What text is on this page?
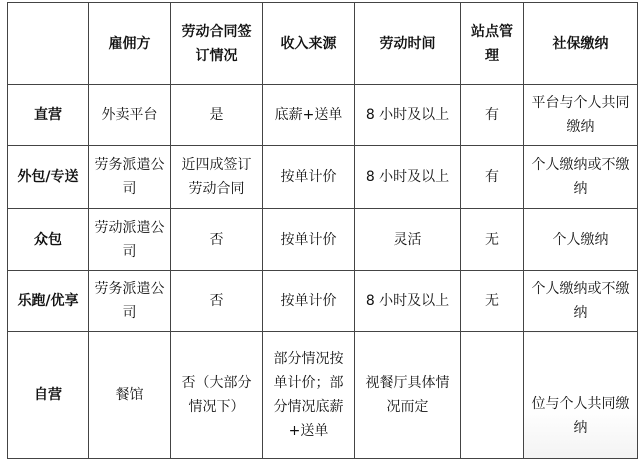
	雇佣方	劳动合同签订情况	收入来源	劳动时间	站点管理	社保缴纳
直营	外卖平台	是	底薪+送单	8 小时及以上	有	平台与个人共同缴纳
外包/专送	劳务派遣公司	近四成签订劳动合同	按单计价	8 小时及以上	有	个人缴纳或不缴纳
众包	劳动派遣公司	否	按单计价	灵活	无	个人缴纳
乐跑/优享	劳务派遣公司	否	按单计价	8 小时及以上	无	个人缴纳或不缴纳
自营	餐馆	否（大部分情况下）	部分情况按单计价；部分情况底薪+送单	视餐厅具体情况而定		位与个人共同缴纳
